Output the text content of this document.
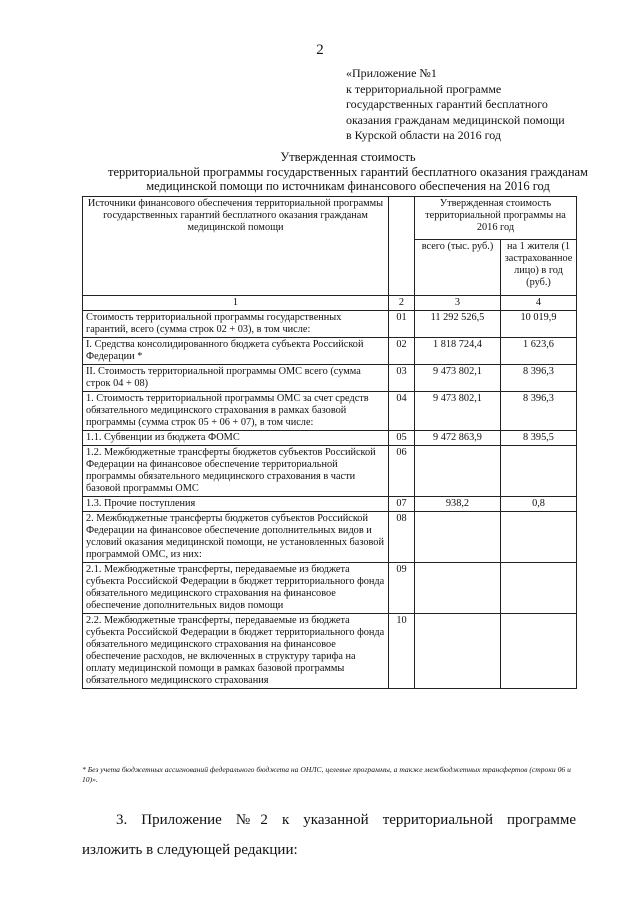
2
«Приложение №1
к территориальной программе
государственных гарантий бесплатного
оказания гражданам медицинской помощи
в Курской области на 2016 год
Утвержденная стоимость
территориальной программы государственных гарантий бесплатного оказания гражданам
медицинской помощи по источникам финансового обеспечения на 2016 год
Источники финансового обеспечения территориальной программы государственных гарантий бесплатного оказания гражданам медицинской помощи		Утвержденная стоимость территориальной программы на 2016 год	
		всего (тыс. руб.)	на 1 жителя (1 застрахованное лицо) в год (руб.)
1	2	3	4
Стоимость территориальной программы государственных гарантий, всего (сумма строк 02 + 03), в том числе:	01	11 292 526,5	10 019,9
I. Средства консолидированного бюджета субъекта Российской Федерации *	02	1 818 724,4	1 623,6
II. Стоимость территориальной программы ОМС всего (сумма строк 04 + 08)	03	9 473 802,1	8 396,3
1. Стоимость территориальной программы ОМС за счет средств обязательного медицинского страхования в рамках базовой программы (сумма строк 05 + 06 + 07), в том числе:	04	9 473 802,1	8 396,3
1.1. Субвенции из бюджета ФОМС	05	9 472 863,9	8 395,5
1.2. Межбюджетные трансферты бюджетов субъектов Российской Федерации на финансовое обеспечение территориальной программы обязательного медицинского страхования в части базовой программы ОМС	06		
1.3. Прочие поступления	07	938,2	0,8
2. Межбюджетные трансферты бюджетов субъектов Российской Федерации на финансовое обеспечение дополнительных видов и условий оказания медицинской помощи, не установленных базовой программой ОМС, из них:	08		
2.1. Межбюджетные трансферты, передаваемые из бюджета субъекта Российской Федерации в бюджет территориального фонда обязательного медицинского страхования на финансовое обеспечение дополнительных видов помощи	09		
2.2. Межбюджетные трансферты, передаваемые из бюджета субъекта Российской Федерации в бюджет территориального фонда обязательного медицинского страхования на финансовое обеспечение расходов, не включенных в структуру тарифа на оплату медицинской помощи в рамках базовой программы обязательного медицинского страхования	10		
* Без учета бюджетных ассигнований федерального бюджета на ОНЛС, целевые программы, а также межбюджетных трансфертов (строки 06 и 10)».
3. Приложение №2 к указанной территориальной программе
изложить в следующей редакции:
